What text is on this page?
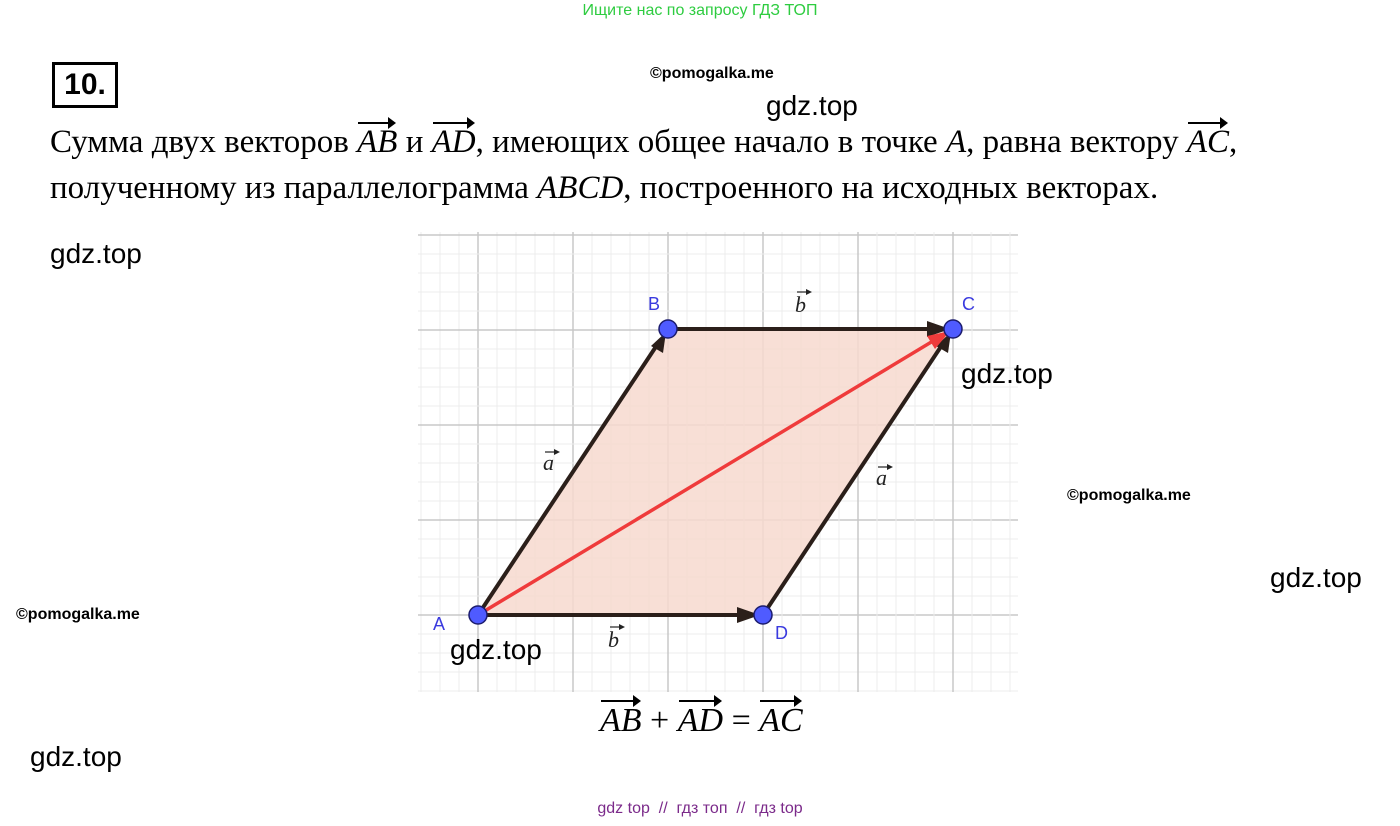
Ищите нас по запросу ГДЗ ТОП
10.	©pomogalka.me
gdz.top
Сумма двух векторов AB и AD, имеющих общее начало в точке A, равна вектору AC,
полученному из параллелограмма ABCD, построенного на исходных векторах.
gdz.top
A
B	C
D
a
a
b
b
gdz.top
©pomogalka.me
gdz.top
©pomogalka.me
gdz.top
AB + AD = AC
gdz.top
gdz top  //  гдз топ  //  гдз top
